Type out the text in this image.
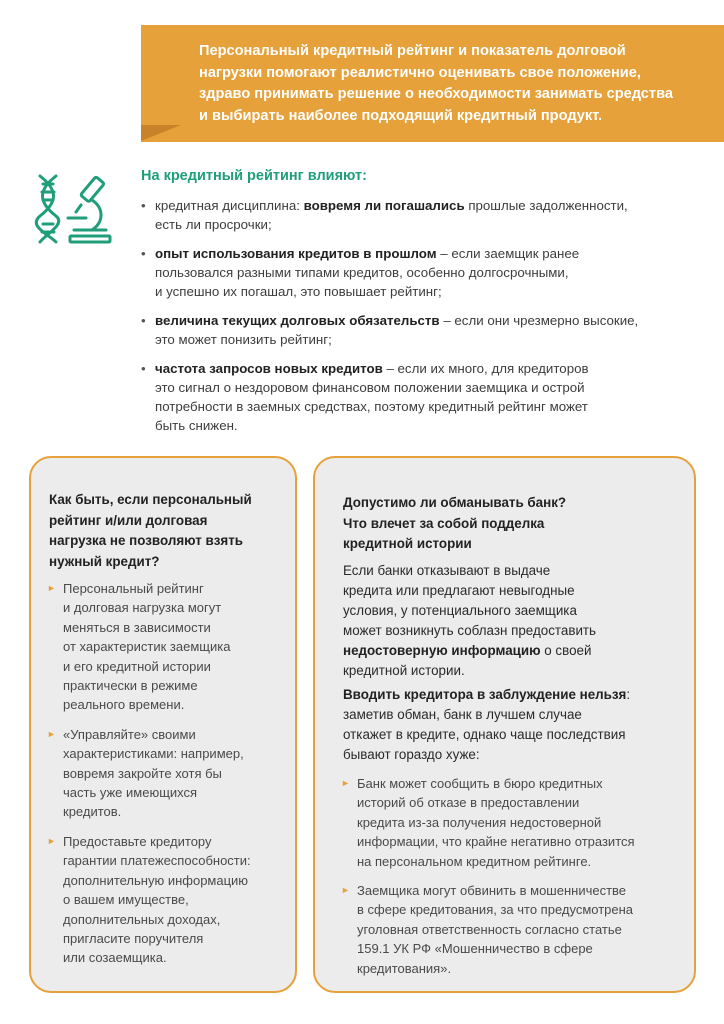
Персональный кредитный рейтинг и показатель долговой
нагрузки помогают реалистично оценивать свое положение,
здраво принимать решение о необходимости занимать средства
и выбирать наиболее подходящий кредитный продукт.
На кредитный рейтинг влияют:
• кредитная дисциплина: вовремя ли погашались прошлые задолженности,
есть ли просрочки;
• опыт использования кредитов в прошлом – если заемщик ранее
пользовался разными типами кредитов, особенно долгосрочными,
и успешно их погашал, это повышает рейтинг;
• величина текущих долговых обязательств – если они чрезмерно высокие,
это может понизить рейтинг;
• частота запросов новых кредитов – если их много, для кредиторов
это сигнал о нездоровом финансовом положении заемщика и острой
потребности в заемных средствах, поэтому кредитный рейтинг может
быть снижен.
Как быть, если персональный
рейтинг и/или долговая
нагрузка не позволяют взять
нужный кредит?
► Персональный рейтинг
и долговая нагрузка могут
меняться в зависимости
от характеристик заемщика
и его кредитной истории
практически в режиме
реального времени.
► «Управляйте» своими
характеристиками: например,
вовремя закройте хотя бы
часть уже имеющихся
кредитов.
► Предоставьте кредитору
гарантии платежеспособности:
дополнительную информацию
о вашем имуществе,
дополнительных доходах,
пригласите поручителя
или созаемщика.
Допустимо ли обманывать банк?
Что влечет за собой подделка
кредитной истории

Если банки отказывают в выдаче
кредита или предлагают невыгодные
условия, у потенциального заемщика
может возникнуть соблазн предоставить
недостоверную информацию о своей
кредитной истории.

Вводить кредитора в заблуждение нельзя:
заметив обман, банк в лучшем случае
откажет в кредите, однако чаще последствия
бывают гораздо хуже:

► Банк может сообщить в бюро кредитных
историй об отказе в предоставлении
кредита из-за получения недостоверной
информации, что крайне негативно отразится
на персональном кредитном рейтинге.
► Заемщика могут обвинить в мошенничестве
в сфере кредитования, за что предусмотрена
уголовная ответственность согласно статье
159.1 УК РФ «Мошенничество в сфере
кредитования».
